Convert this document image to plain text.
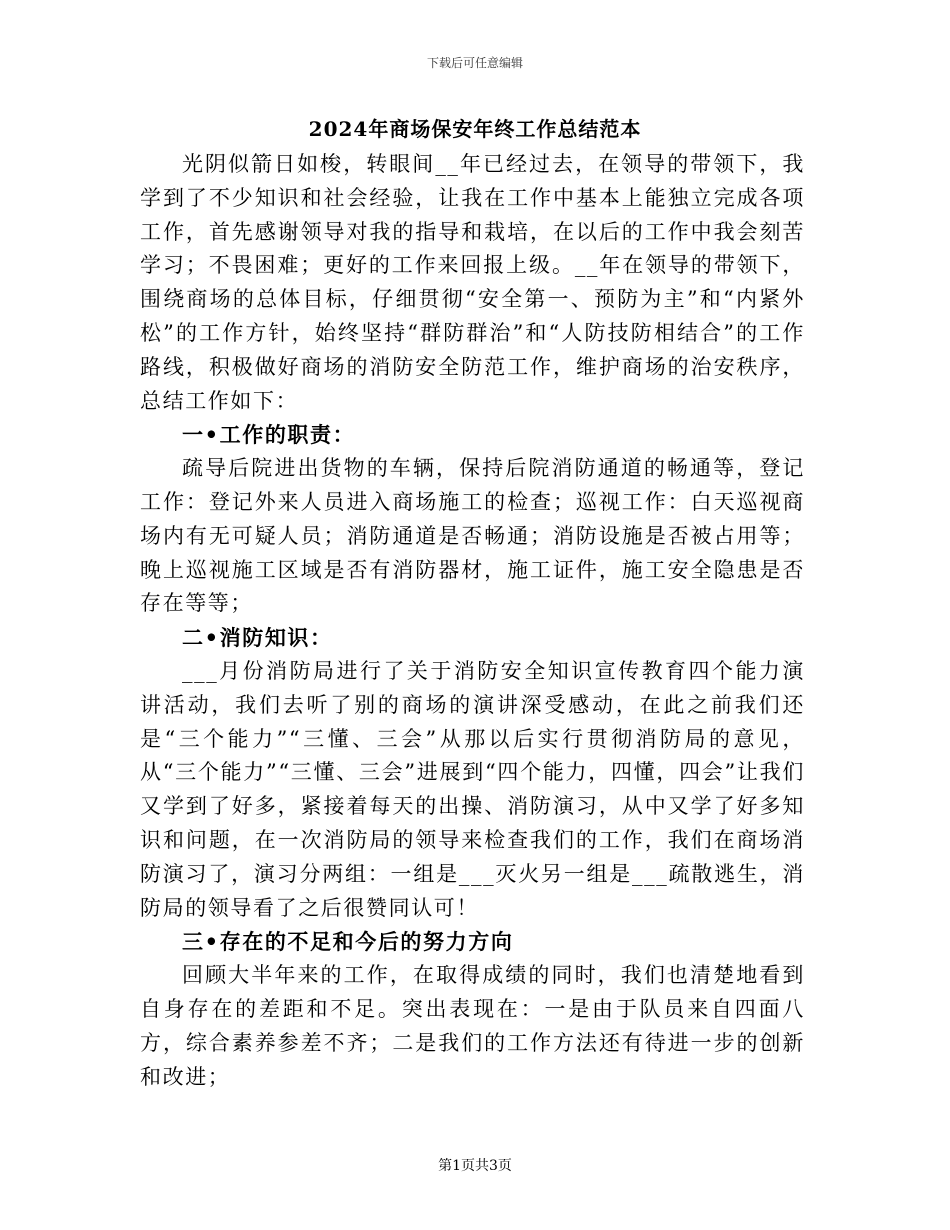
下载后可任意编辑
2024年商场保安年终工作总结范本

光阴似箭日如梭，转眼间__年已经过去，在领导的带领下，我学到了不少知识和社会经验，让我在工作中基本上能独立完成各项工作，首先感谢领导对我的指导和栽培，在以后的工作中我会刻苦学习；不畏困难；更好的工作来回报上级。__年在领导的带领下，围绕商场的总体目标，仔细贯彻“安全第一、预防为主”和“内紧外松”的工作方针，始终坚持“群防群治”和“人防技防相结合”的工作路线，积极做好商场的消防安全防范工作，维护商场的治安秩序，总结工作如下：

一•工作的职责：

疏导后院进出货物的车辆，保持后院消防通道的畅通等，登记工作：登记外来人员进入商场施工的检查；巡视工作：白天巡视商场内有无可疑人员；消防通道是否畅通；消防设施是否被占用等；晚上巡视施工区域是否有消防器材，施工证件，施工安全隐患是否存在等等；

二•消防知识：

___月份消防局进行了关于消防安全知识宣传教育四个能力演讲活动，我们去听了别的商场的演讲深受感动，在此之前我们还是“三个能力”“三懂、三会”从那以后实行贯彻消防局的意见，从“三个能力”“三懂、三会”进展到“四个能力，四懂，四会”让我们又学到了好多，紧接着每天的出操、消防演习，从中又学了好多知识和问题，在一次消防局的领导来检查我们的工作，我们在商场消防演习了，演习分两组：一组是___灭火另一组是___疏散逃生，消防局的领导看了之后很赞同认可！

三•存在的不足和今后的努力方向

回顾大半年来的工作，在取得成绩的同时，我们也清楚地看到自身存在的差距和不足。突出表现在：一是由于队员来自四面八方，综合素养参差不齐；二是我们的工作方法还有待进一步的创新和改进；

第1页共3页
